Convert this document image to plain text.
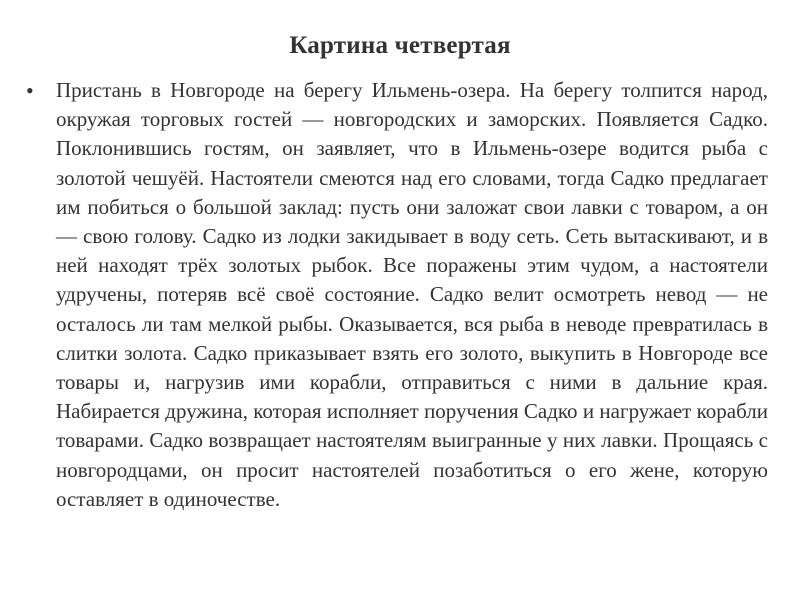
Картина четвертая
• Пристань в Новгороде на берегу Ильмень-озера. На берегу толпится народ, окружая торговых гостей — новгородских и заморских. Появляется Садко. Поклонившись гостям, он заявляет, что в Ильмень-озере водится рыба с золотой чешуёй. Настоятели смеются над его словами, тогда Садко предлагает им побиться о большой заклад: пусть они заложат свои лавки с товаром, а он — свою голову. Садко из лодки закидывает в воду сеть. Сеть вытаскивают, и в ней находят трёх золотых рыбок. Все поражены этим чудом, а настоятели удручены, потеряв всё своё состояние. Садко велит осмотреть невод — не осталось ли там мелкой рыбы. Оказывается, вся рыба в неводе превратилась в слитки золота. Садко приказывает взять его золото, выкупить в Новгороде все товары и, нагрузив ими корабли, отправиться с ними в дальние края. Набирается дружина, которая исполняет поручения Садко и нагружает корабли товарами. Садко возвращает настоятелям выигранные у них лавки. Прощаясь с новгородцами, он просит настоятелей позаботиться о его жене, которую оставляет в одиночестве.
